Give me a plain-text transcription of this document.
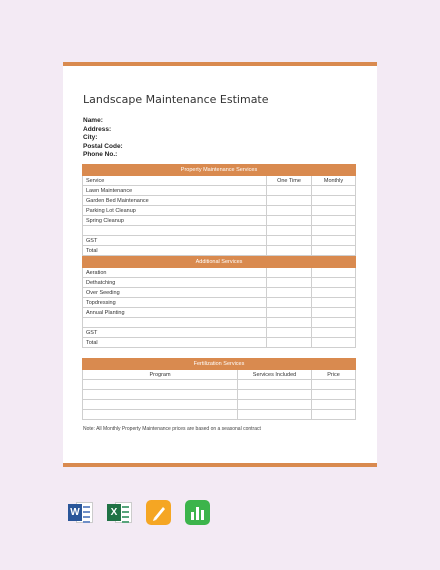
Landscape Maintenance Estimate
Name:
Address:
City:
Postal Code:
Phone No.:
Property Maintenance Services		
Service	One Time	Monthly
Lawn Maintenance		
Garden Bed Maintenance		
Parking Lot Cleanup		
Spring Cleanup		

GST		
Total		
Additional Services		
Aeration		
Dethatching		
Over Seeding		
Topdressing		
Annual Planting		

GST		
Total		
Fertilization Services		
Program	Services Included	Price

Note: All Monthly Property Maintenance prices are based on a seasonal contract
W	X
